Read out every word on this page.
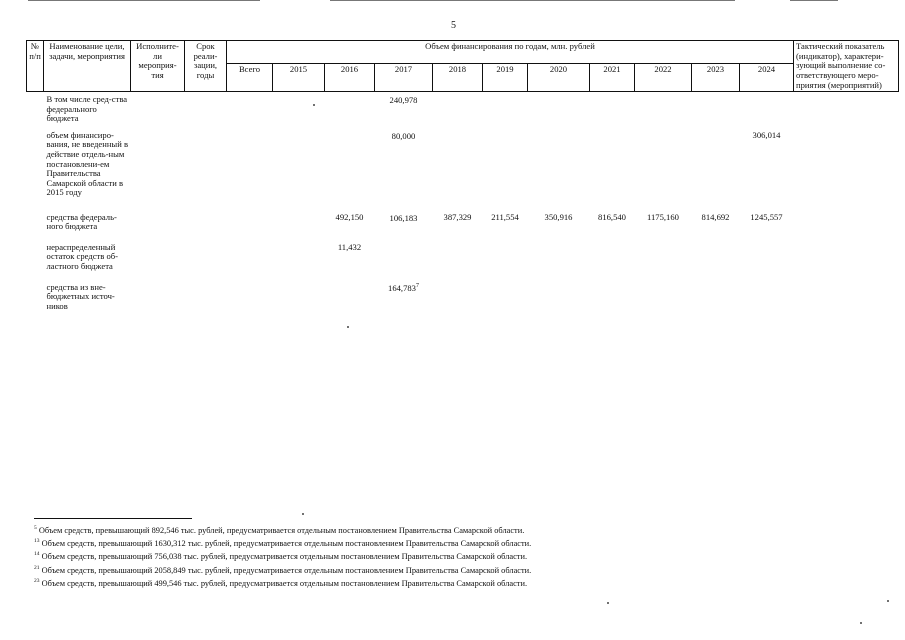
5
№ п/п	Наименование цели, задачи, мероприятия	Исполните-ли мероприя-тия	Срок реали-зации, годы	Объем финансирования по годам, млн. рублей											Тактический показатель (индикатор), характери-зующий выполнение со-ответствующего меро-приятия (мероприятий)
				Всего	2015	2016	2017	2018	2019	2020	2021	2022	2023	2024	
	В том числе сред-ства федерального бюджета						240,978								
	объем финансиро-вания, не введенный в действие отдель-ным постановлени-ем Правительства Самарской области в 2015 году						80,000							306,014	
	средства федераль-ного бюджета					492,150	106,183	387,329	211,554	350,916	816,540	1175,160	814,692	1245,557	
	нераспределенный остаток средств об-ластного бюджета					11,432									
	средства из вне-бюджетных источ-ников						164,783$^7$								
$^5$ Объем средств, превышающий 892,546 тыс. рублей, предусматривается отдельным постановлением Правительства Самарской области.
$^{13}$ Объем средств, превышающий 1630,312 тыс. рублей, предусматривается отдельным постановлением Правительства Самарской области.
$^{14}$ Объем средств, превышающий 756,038 тыс. рублей, предусматривается отдельным постановлением Правительства Самарской области.
$^{21}$ Объем средств, превышающий 2058,849 тыс. рублей, предусматривается отдельным постановлением Правительства Самарской области.
$^{23}$ Объем средств, превышающий 499,546 тыс. рублей, предусматривается отдельным постановлением Правительства Самарской области.
